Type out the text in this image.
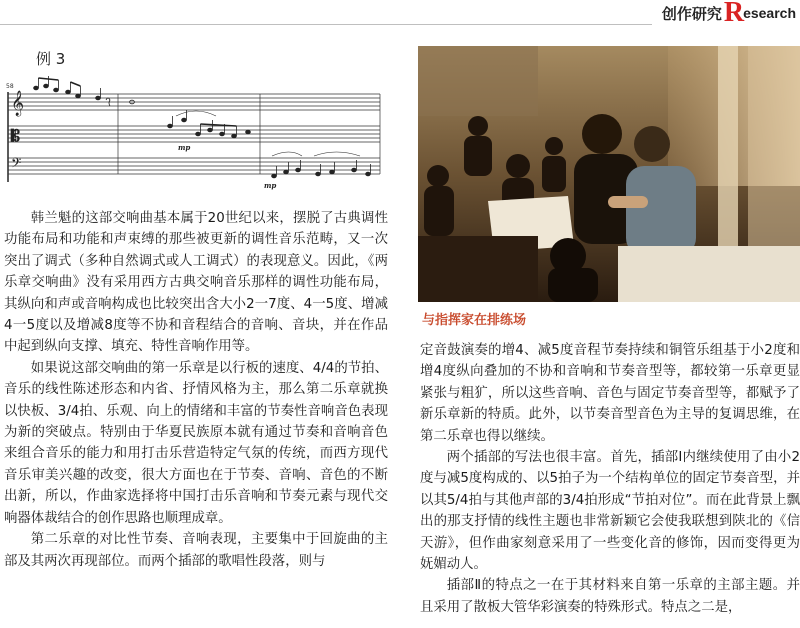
创作研究 R esearch
例 3
𝄞
𝄡
𝄢
58
mp
mp

韩兰魁的这部交响曲基本属于20世纪以来，摆脱了古典调性功能布局和功能和声束缚的那些被更新的调性音乐范畴，又一次突出了调式（多种自然调式或人工调式）的表现意义。因此，《两乐章交响曲》没有采用西方古典交响音乐那样的调性功能布局，其纵向和声或音响构成也比较突出含大小2一7度、4一5度、增减4一5度以及增减8度等不协和音程结合的音响、音块，并在作品中起到纵向支撑、填充、特性音响作用等。

如果说这部交响曲的第一乐章是以行板的速度、4/4的节拍、音乐的线性陈述形态和内省、抒情风格为主，那么第二乐章就换以快板、3/4拍、乐观、向上的情绪和丰富的节奏性音响音色表现为新的突破点。特别由于华夏民族原本就有通过节奏和音响音色来组合音乐的能力和用打击乐营造特定气氛的传统，而西方现代音乐审美兴趣的改变，很大方面也在于节奏、音响、音色的不断出新，所以，作曲家选择将中国打击乐音响和节奏元素与现代交响器体裁结合的创作思路也顺理成章。

第二乐章的对比性节奏、音响表现，主要集中于回旋曲的主部及其两次再现部位。而两个插部的歌唱性段落，则与

与指挥家在排练场

定音鼓演奏的增4、减5度音程节奏持续和铜管乐组基于小2度和增4度纵向叠加的不协和音响和节奏音型等，都较第一乐章更显紧张与粗犷，所以这些音响、音色与固定节奏音型等，都赋予了新乐章新的特质。此外，以节奏音型音色为主导的复调思维，在第二乐章也得以继续。

两个插部的写法也很丰富。首先，插部Ⅰ内继续使用了由小2度与减5度构成的、以5拍子为一个结构单位的固定节奏音型，并以其5/4拍与其他声部的3/4拍形成“节拍对位”。而在此背景上飘出的那支抒情的线性主题也非常新颖它会使我联想到陕北的《信天游》，但作曲家刻意采用了一些变化音的修饰，因而变得更为妩媚动人。

插部Ⅱ的特点之一在于其材料来自第一乐章的主部主题。并且采用了散板大管华彩演奏的特殊形式。特点之二是，
